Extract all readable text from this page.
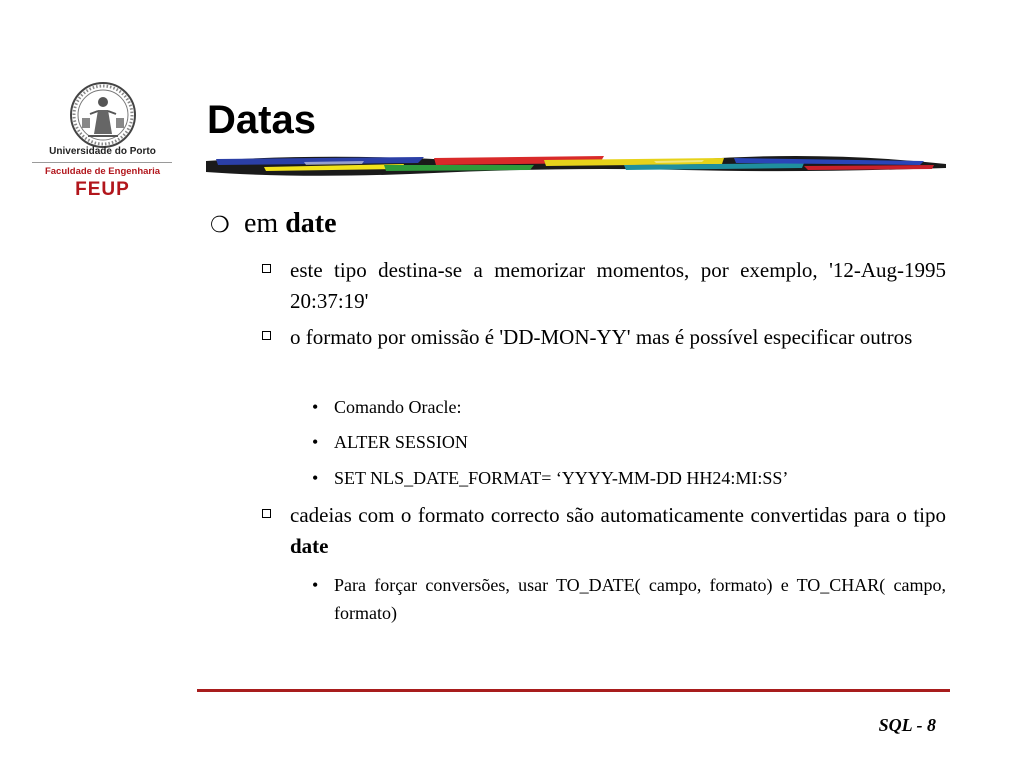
Universidade do Porto
Faculdade de Engenharia
FEUP
Datas
❍ em date
este tipo destina-se a memorizar momentos, por exemplo, '12-Aug-1995 20:37:19'
o formato por omissão é 'DD-MON-YY' mas é possível especificar outros
• Comando Oracle:
• ALTER SESSION
• SET NLS_DATE_FORMAT= ‘YYYY-MM-DD HH24:MI:SS’
cadeias com o formato correcto são automaticamente convertidas para o tipo date
• Para forçar conversões, usar TO_DATE( campo, formato) e TO_CHAR( campo, formato)
SQL - 8
